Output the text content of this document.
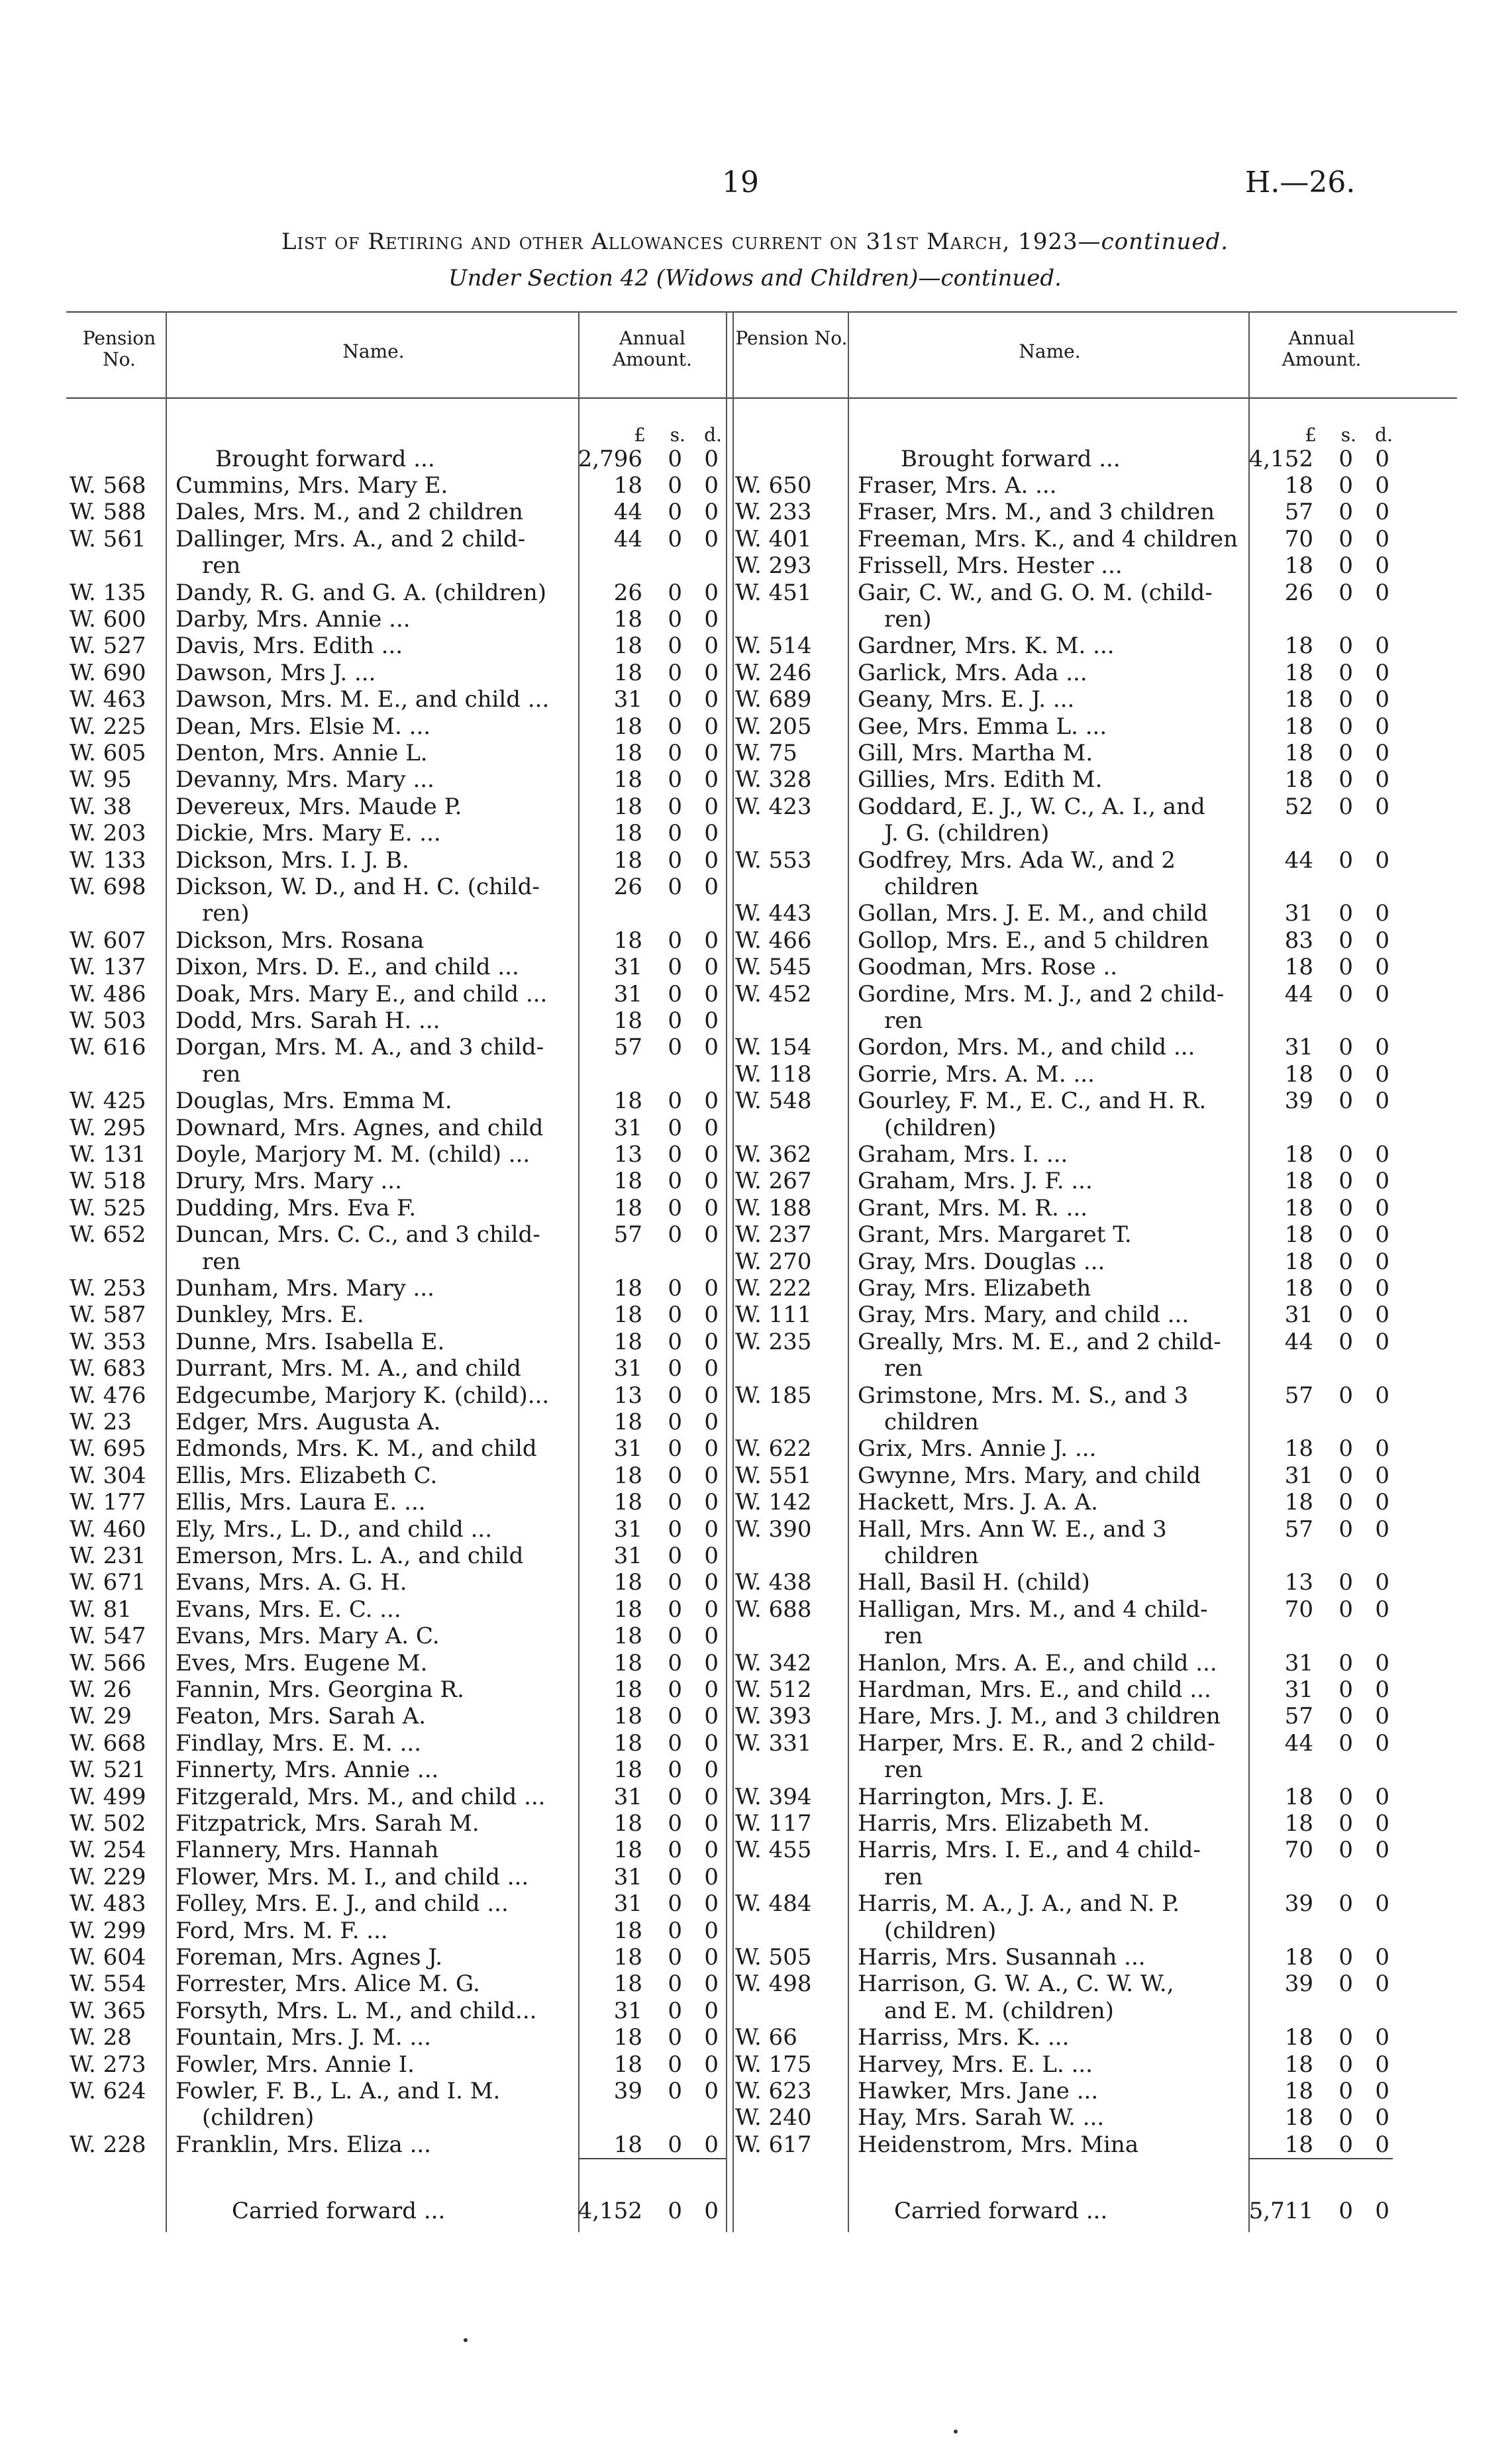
19	H.—26.
List of Retiring and other Allowances current on 31st March, 1923—continued.
Under Section 42 (Widows and Children)—continued.
Pension No.	Name.
Annual Amount.
Pension No.
Name.
Annual Amount.
£	s.	d.
Brought forward ...	2,796	0 0
W. 568	Cummins, Mrs. Mary E.	18	0 0
W. 588	Dales, Mrs. M., and 2 children	44	0 0
W. 561	Dallinger, Mrs. A., and 2 child-	44	0 0
ren
W. 135	Dandy, R. G. and G. A. (children)	26	0 0
W. 600	Darby, Mrs. Annie ...	18	0 0
W. 527	Davis, Mrs. Edith ...	18	0 0
W. 690	Dawson, Mrs J. ...	18	0 0
W. 463	Dawson, Mrs. M. E., and child ...	31	0 0
W. 225	Dean, Mrs. Elsie M. ...	18	0 0
W. 605	Denton, Mrs. Annie L.	18	0 0
W. 95	Devanny, Mrs. Mary ...	18	0 0
W. 38	Devereux, Mrs. Maude P.	18	0 0
W. 203	Dickie, Mrs. Mary E. ...	18	0 0
W. 133	Dickson, Mrs. I. J. B.	18	0 0
W. 698	Dickson, W. D., and H. C. (child-	26	0 0
ren)
W. 607	Dickson, Mrs. Rosana	18	0 0
W. 137	Dixon, Mrs. D. E., and child ...	31	0 0
W. 486	Doak, Mrs. Mary E., and child ...	31	0 0
W. 503	Dodd, Mrs. Sarah H. ...	18	0 0
W. 616	Dorgan, Mrs. M. A., and 3 child-	57	0 0
ren
W. 425	Douglas, Mrs. Emma M.	18	0 0
W. 295	Downard, Mrs. Agnes, and child	31	0 0
W. 131	Doyle, Marjory M. M. (child) ...	13	0 0
W. 518	Drury, Mrs. Mary ...	18	0 0
W. 525	Dudding, Mrs. Eva F.	18	0 0
W. 652	Duncan, Mrs. C. C., and 3 child-	57	0 0
ren
W. 253	Dunham, Mrs. Mary ...	18	0 0
W. 587	Dunkley, Mrs. E.	18	0 0
W. 353	Dunne, Mrs. Isabella E.	18	0 0
W. 683	Durrant, Mrs. M. A., and child	31	0 0
W. 476	Edgecumbe, Marjory K. (child)...	13	0 0
W. 23	Edger, Mrs. Augusta A.	18	0 0
W. 695	Edmonds, Mrs. K. M., and child	31	0 0
W. 304	Ellis, Mrs. Elizabeth C.	18	0 0
W. 177	Ellis, Mrs. Laura E. ...	18	0 0
W. 460	Ely, Mrs., L. D., and child ...	31	0 0
W. 231	Emerson, Mrs. L. A., and child	31	0 0
W. 671	Evans, Mrs. A. G. H.	18	0 0
W. 81	Evans, Mrs. E. C. ...	18	0 0
W. 547	Evans, Mrs. Mary A. C.	18	0 0
W. 566	Eves, Mrs. Eugene M.	18	0 0
W. 26	Fannin, Mrs. Georgina R.	18	0 0
W. 29	Featon, Mrs. Sarah A.	18	0 0
W. 668	Findlay, Mrs. E. M. ...	18	0 0
W. 521	Finnerty, Mrs. Annie ...	18	0 0
W. 499	Fitzgerald, Mrs. M., and child ...	31	0 0
W. 502	Fitzpatrick, Mrs. Sarah M.	18	0 0
W. 254	Flannery, Mrs. Hannah	18	0 0
W. 229	Flower, Mrs. M. I., and child ...	31	0 0
W. 483	Folley, Mrs. E. J., and child ...	31	0 0
W. 299	Ford, Mrs. M. F. ...	18	0 0
W. 604	Foreman, Mrs. Agnes J.	18	0 0
W. 554	Forrester, Mrs. Alice M. G.	18	0 0
W. 365	Forsyth, Mrs. L. M., and child...	31	0 0
W. 28	Fountain, Mrs. J. M. ...	18	0 0
W. 273	Fowler, Mrs. Annie I.	18	0 0
W. 624	Fowler, F. B., L. A., and I. M.	39	0 0
(children)
W. 228	Franklin, Mrs. Eliza ...	18	0 0
£	s.	d.
Brought forward ...	4,152	0 0
W. 650	Fraser, Mrs. A. ...	18	0 0
W. 233	Fraser, Mrs. M., and 3 children	57	0 0
W. 401	Freeman, Mrs. K., and 4 children	70	0 0
W. 293	Frissell, Mrs. Hester ...	18	0 0
W. 451	Gair, C. W., and G. O. M. (child-	26	0 0
ren)
W. 514	Gardner, Mrs. K. M. ...	18	0 0
W. 246	Garlick, Mrs. Ada ...	18	0 0
W. 689	Geany, Mrs. E. J. ...	18	0 0
W. 205	Gee, Mrs. Emma L. ...	18	0 0
W. 75	Gill, Mrs. Martha M.	18	0 0
W. 328	Gillies, Mrs. Edith M.	18	0 0
W. 423	Goddard, E. J., W. C., A. I., and	52	0 0
J. G. (children)
W. 553	Godfrey, Mrs. Ada W., and 2	44	0 0
children
W. 443	Gollan, Mrs. J. E. M., and child	31	0 0
W. 466	Gollop, Mrs. E., and 5 children	83	0 0
W. 545	Goodman, Mrs. Rose ..	18	0 0
W. 452	Gordine, Mrs. M. J., and 2 child-	44	0 0
ren
W. 154	Gordon, Mrs. M., and child ...	31	0 0
W. 118	Gorrie, Mrs. A. M. ...	18	0 0
W. 548	Gourley, F. M., E. C., and H. R.	39	0 0
(children)
W. 362	Graham, Mrs. I. ...	18	0 0
W. 267	Graham, Mrs. J. F. ...	18	0 0
W. 188	Grant, Mrs. M. R. ...	18	0 0
W. 237	Grant, Mrs. Margaret T.	18	0 0
W. 270	Gray, Mrs. Douglas ...	18	0 0
W. 222	Gray, Mrs. Elizabeth	18	0 0
W. 111	Gray, Mrs. Mary, and child ...	31	0 0
W. 235	Greally, Mrs. M. E., and 2 child-	44	0 0
ren
W. 185	Grimstone, Mrs. M. S., and 3	57	0 0
children
W. 622	Grix, Mrs. Annie J. ...	18	0 0
W. 551	Gwynne, Mrs. Mary, and child	31	0 0
W. 142	Hackett, Mrs. J. A. A.	18	0 0
W. 390	Hall, Mrs. Ann W. E., and 3	57	0 0
children
W. 438	Hall, Basil H. (child)	13	0 0
W. 688	Halligan, Mrs. M., and 4 child-	70	0 0
ren
W. 342	Hanlon, Mrs. A. E., and child ...	31	0 0
W. 512	Hardman, Mrs. E., and child ...	31	0 0
W. 393	Hare, Mrs. J. M., and 3 children	57	0 0
W. 331	Harper, Mrs. E. R., and 2 child-	44	0 0
ren
W. 394	Harrington, Mrs. J. E.	18	0 0
W. 117	Harris, Mrs. Elizabeth M.	18	0 0
W. 455	Harris, Mrs. I. E., and 4 child-	70	0 0
ren
W. 484	Harris, M. A., J. A., and N. P.	39	0 0
(children)
W. 505	Harris, Mrs. Susannah ...	18	0 0
W. 498	Harrison, G. W. A., C. W. W.,	39	0 0
and E. M. (children)
W. 66	Harriss, Mrs. K. ...	18	0 0
W. 175	Harvey, Mrs. E. L. ...	18	0 0
W. 623	Hawker, Mrs. Jane ...	18	0 0
W. 240	Hay, Mrs. Sarah W. ...	18	0 0
W. 617	Heidenstrom, Mrs. Mina	18	0 0
Carried forward ...	4,152	0 0	Carried forward ...	5,711	0 0
